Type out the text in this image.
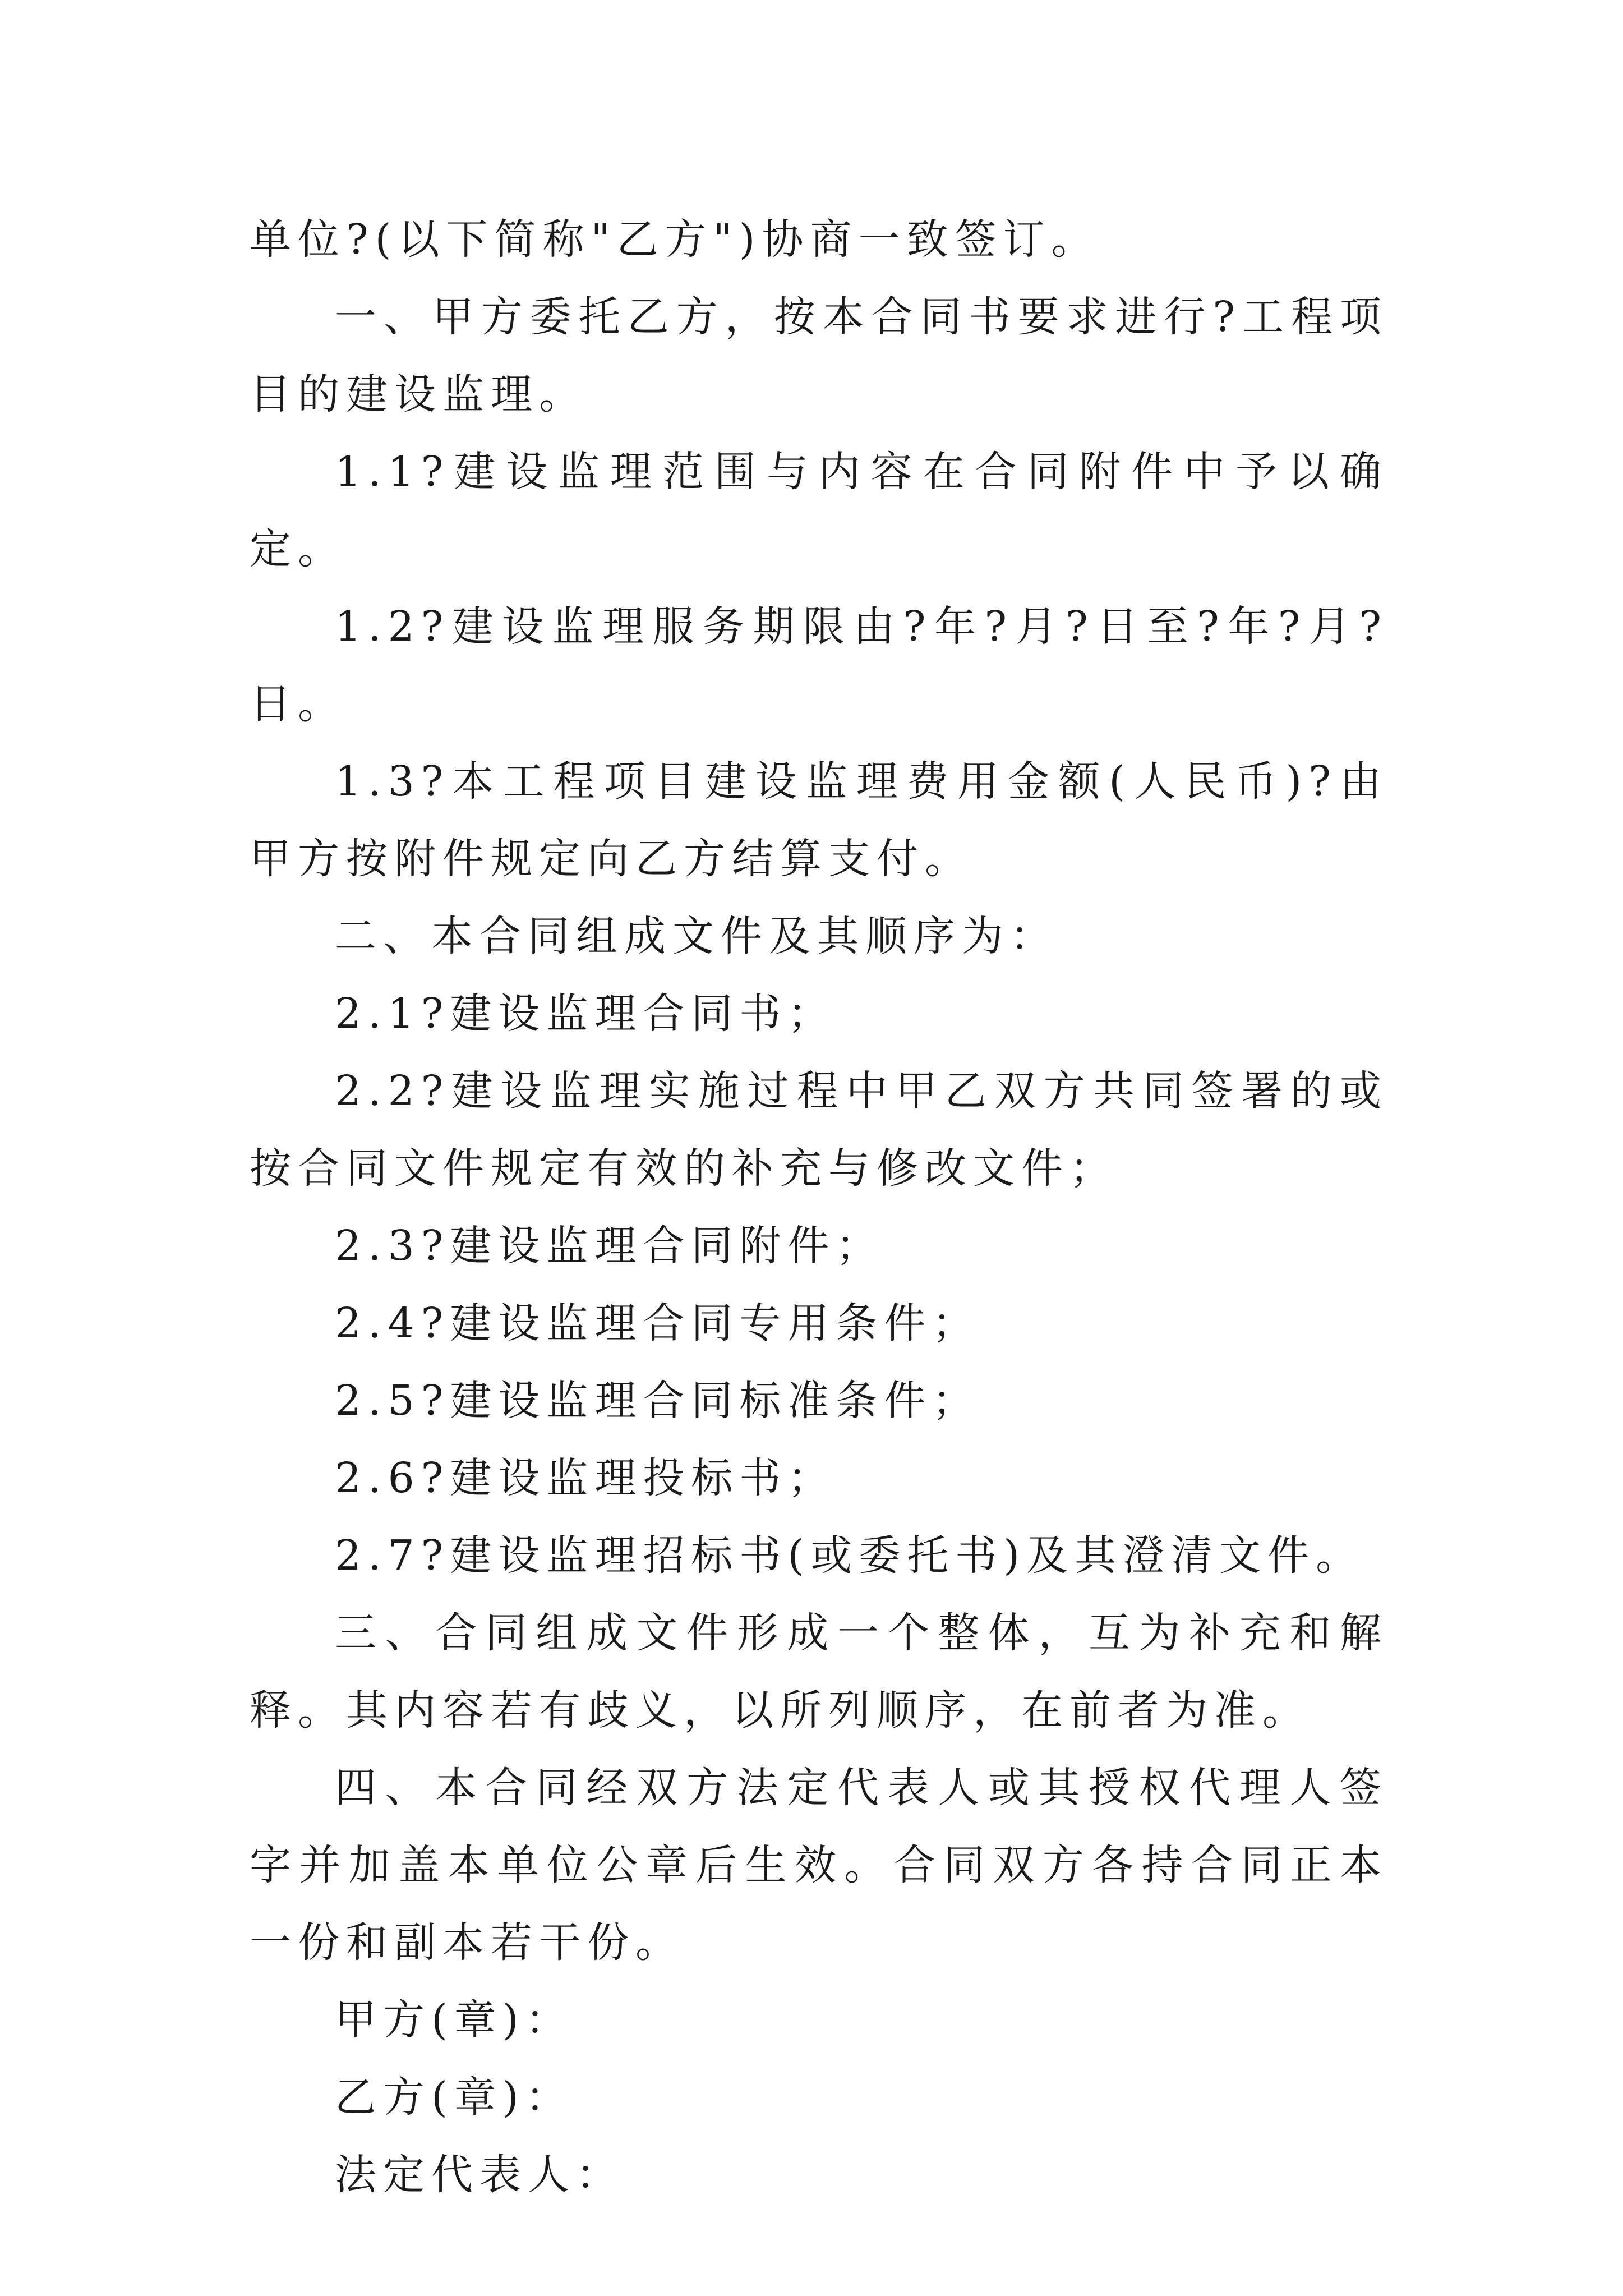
单位?(以下简称"乙方")协商一致签订。

一、甲方委托乙方，按本合同书要求进行?工程项目的建设监理。

1.1?建设监理范围与内容在合同附件中予以确定。

1.2?建设监理服务期限由?年?月?日至?年?月?日。

1.3?本工程项目建设监理费用金额(人民币)?由甲方按附件规定向乙方结算支付。

二、本合同组成文件及其顺序为：

2.1?建设监理合同书；

2.2?建设监理实施过程中甲乙双方共同签署的或按合同文件规定有效的补充与修改文件；

2.3?建设监理合同附件；

2.4?建设监理合同专用条件；

2.5?建设监理合同标准条件；

2.6?建设监理投标书；

2.7?建设监理招标书(或委托书)及其澄清文件。

三、合同组成文件形成一个整体，互为补充和解释。其内容若有歧义，以所列顺序，在前者为准。

四、本合同经双方法定代表人或其授权代理人签字并加盖本单位公章后生效。合同双方各持合同正本一份和副本若干份。

甲方(章)：

乙方(章)：

法定代表人：
